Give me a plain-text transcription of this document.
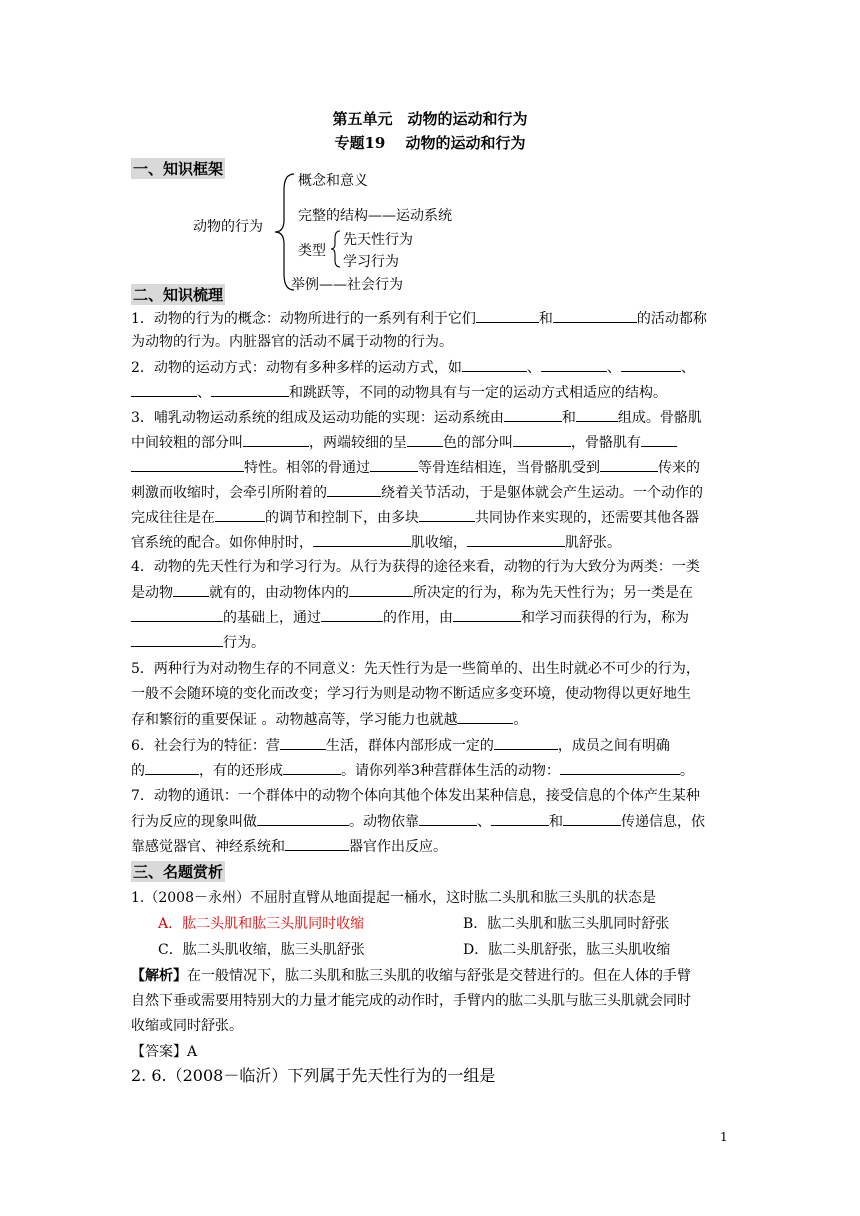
第五单元　动物的运动和行为
专题19　 动物的运动和行为
一、知识框架
动物的行为
概念和意义
完整的结构——运动系统
类型
先天性行为
学习行为
举例——社会行为
二、知识梳理
1．动物的行为的概念：动物所进行的一系列有利于它们	和	的活动都称
为动物的行为。内脏器官的活动不属于动物的行为。
2．动物的运动方式：动物有多种多样的运动方式，如	、	、	、
、	和跳跃等，不同的动物具有与一定的运动方式相适应的结构。
3．哺乳动物运动系统的组成及运动功能的实现：运动系统由	和	组成。骨骼肌
中间较粗的部分叫	，两端较细的呈	色的部分叫	，骨骼肌有
特性。相邻的骨通过	等骨连结相连，当骨骼肌受到	传来的
刺激而收缩时，会牵引所附着的	绕着关节活动，于是躯体就会产生运动。一个动作的
完成往往是在	的调节和控制下，由多块	共同协作来实现的，还需要其他各器
官系统的配合。如你伸肘时，	肌收缩，	肌舒张。
4．动物的先天性行为和学习行为。从行为获得的途径来看，动物的行为大致分为两类：一类
是动物	就有的，由动物体内的	所决定的行为，称为先天性行为；另一类是在
的基础上，通过	的作用，由	和学习而获得的行为，称为
行为。
5．两种行为对动物生存的不同意义：先天性行为是一些简单的、出生时就必不可少的行为，
一般不会随环境的变化而改变；学习行为则是动物不断适应多变环境，使动物得以更好地生
存和繁衍的重要保证 。动物越高等，学习能力也就越	。
6．社会行为的特征：营	生活，群体内部形成一定的	，成员之间有明确
的	，有的还形成	。请你列举3种营群体生活的动物：	。
7．动物的通讯：一个群体中的动物个体向其他个体发出某种信息，接受信息的个体产生某种
行为反应的现象叫做	。动物依靠	、	和	传递信息，依
靠感觉器官、神经系统和	器官作出反应。
三、名题赏析
1.（2008－永州）不屈肘直臂从地面提起一桶水，这时肱二头肌和肱三头肌的状态是
A．肱二头肌和肱三头肌同时收缩	B．肱二头肌和肱三头肌同时舒张
C．肱二头肌收缩，肱三头肌舒张	D．肱二头肌舒张，肱三头肌收缩
【解析】在一般情况下，肱二头肌和肱三头肌的收缩与舒张是交替进行的。但在人体的手臂
自然下垂或需要用特别大的力量才能完成的动作时，手臂内的肱二头肌与肱三头肌就会同时
收缩或同时舒张。
【答案】A
2. 6.（2008－临沂）下列属于先天性行为的一组是
1
